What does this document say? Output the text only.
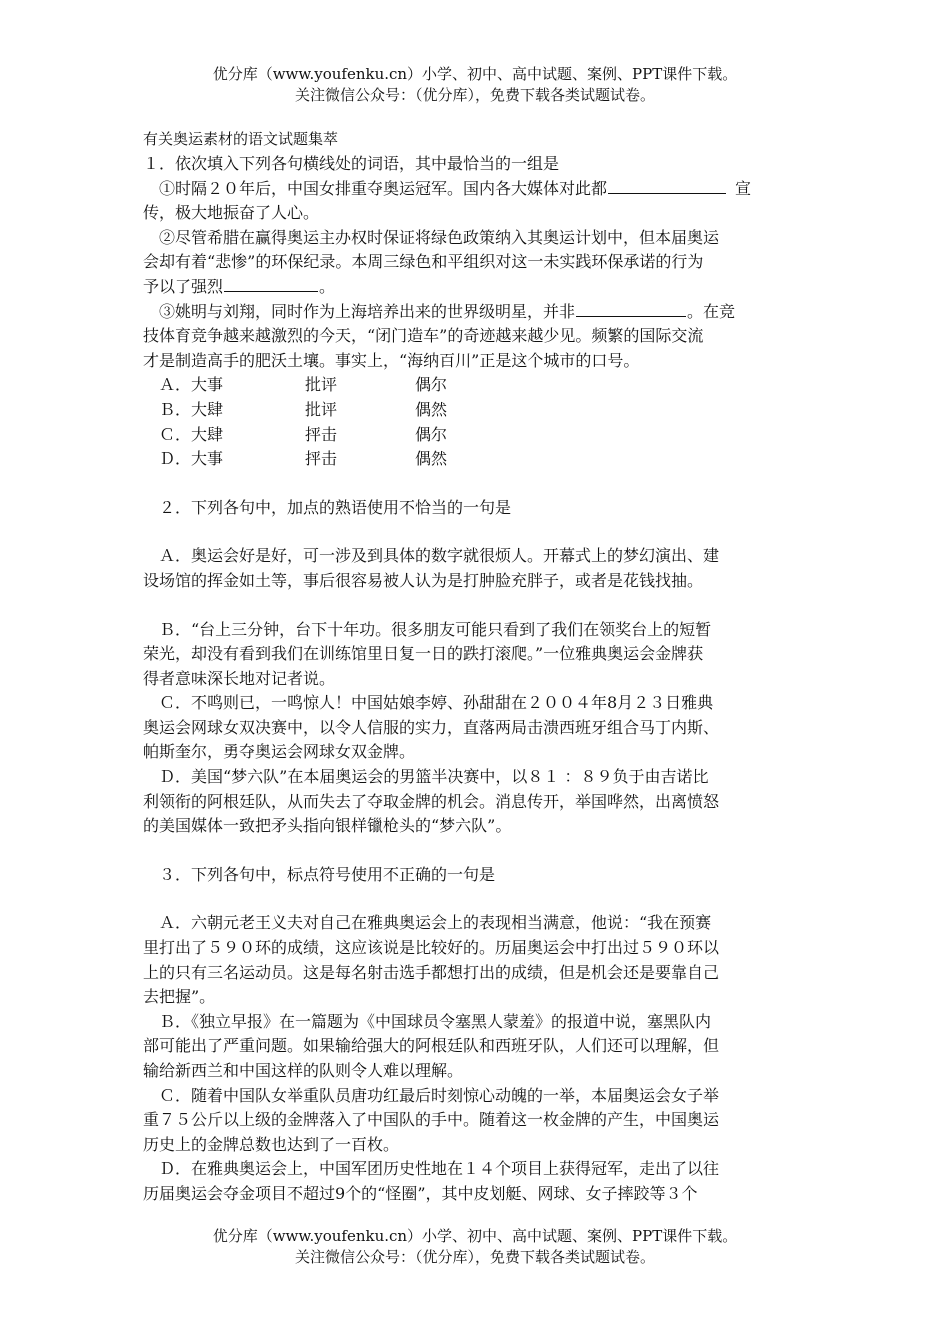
优分库（www.youfenku.cn）小学、初中、高中试题、案例、PPT课件下载。
关注微信公众号：（优分库），免费下载各类试题试卷。
有关奥运素材的语文试题集萃
１．依次填入下列各句横线处的词语，其中最恰当的一组是
①时隔２０年后，中国女排重夺奥运冠军。国内各大媒体对此都	宣
传，极大地振奋了人心。
②尽管希腊在赢得奥运主办权时保证将绿色政策纳入其奥运计划中，但本届奥运
会却有着“悲惨”的环保纪录。本周三绿色和平组织对这一未实践环保承诺的行为
予以了强烈	。
③姚明与刘翔，同时作为上海培养出来的世界级明星，并非	。在竞
技体育竞争越来越激烈的今天，“闭门造车”的奇迹越来越少见。频繁的国际交流
才是制造高手的肥沃土壤。事实上，“海纳百川”正是这个城市的口号。
Ａ．大事	批评	偶尔
Ｂ．大肆	批评	偶然
Ｃ．大肆	抨击	偶尔
Ｄ．大事	抨击	偶然
２．下列各句中，加点的熟语使用不恰当的一句是
Ａ．奥运会好是好，可一涉及到具体的数字就很烦人。开幕式上的梦幻演出、建
设场馆的挥金如土等，事后很容易被人认为是打肿脸充胖子，或者是花钱找抽。
Ｂ．“台上三分钟，台下十年功。很多朋友可能只看到了我们在领奖台上的短暂
荣光，却没有看到我们在训练馆里日复一日的跌打滚爬。”一位雅典奥运会金牌获
得者意味深长地对记者说。
Ｃ．不鸣则已，一鸣惊人！中国姑娘李婷、孙甜甜在２００４年8月２３日雅典
奥运会网球女双决赛中，以令人信服的实力，直落两局击溃西班牙组合马丁内斯、
帕斯奎尔，勇夺奥运会网球女双金牌。
Ｄ．美国“梦六队”在本届奥运会的男篮半决赛中，以８１ ：８９负于由吉诺比
利领衔的阿根廷队，从而失去了夺取金牌的机会。消息传开，举国哗然，出离愤怒
的美国媒体一致把矛头指向银样镴枪头的“梦六队”。
３．下列各句中，标点符号使用不正确的一句是
Ａ．六朝元老王义夫对自己在雅典奥运会上的表现相当满意，他说：“我在预赛
里打出了５９０环的成绩，这应该说是比较好的。历届奥运会中打出过５９０环以
上的只有三名运动员。这是每名射击选手都想打出的成绩，但是机会还是要靠自己
去把握”。
Ｂ．《独立早报》在一篇题为《中国球员令塞黑人蒙羞》的报道中说，塞黑队内
部可能出了严重问题。如果输给强大的阿根廷队和西班牙队，人们还可以理解，但
输给新西兰和中国这样的队则令人难以理解。
Ｃ．随着中国队女举重队员唐功红最后时刻惊心动魄的一举，本届奥运会女子举
重７５公斤以上级的金牌落入了中国队的手中。随着这一枚金牌的产生，中国奥运
历史上的金牌总数也达到了一百枚。
Ｄ．在雅典奥运会上，中国军团历史性地在１４个项目上获得冠军，走出了以往
历届奥运会夺金项目不超过9个的“怪圈”，其中皮划艇、网球、女子摔跤等３个
优分库（www.youfenku.cn）小学、初中、高中试题、案例、PPT课件下载。
关注微信公众号：（优分库），免费下载各类试题试卷。
